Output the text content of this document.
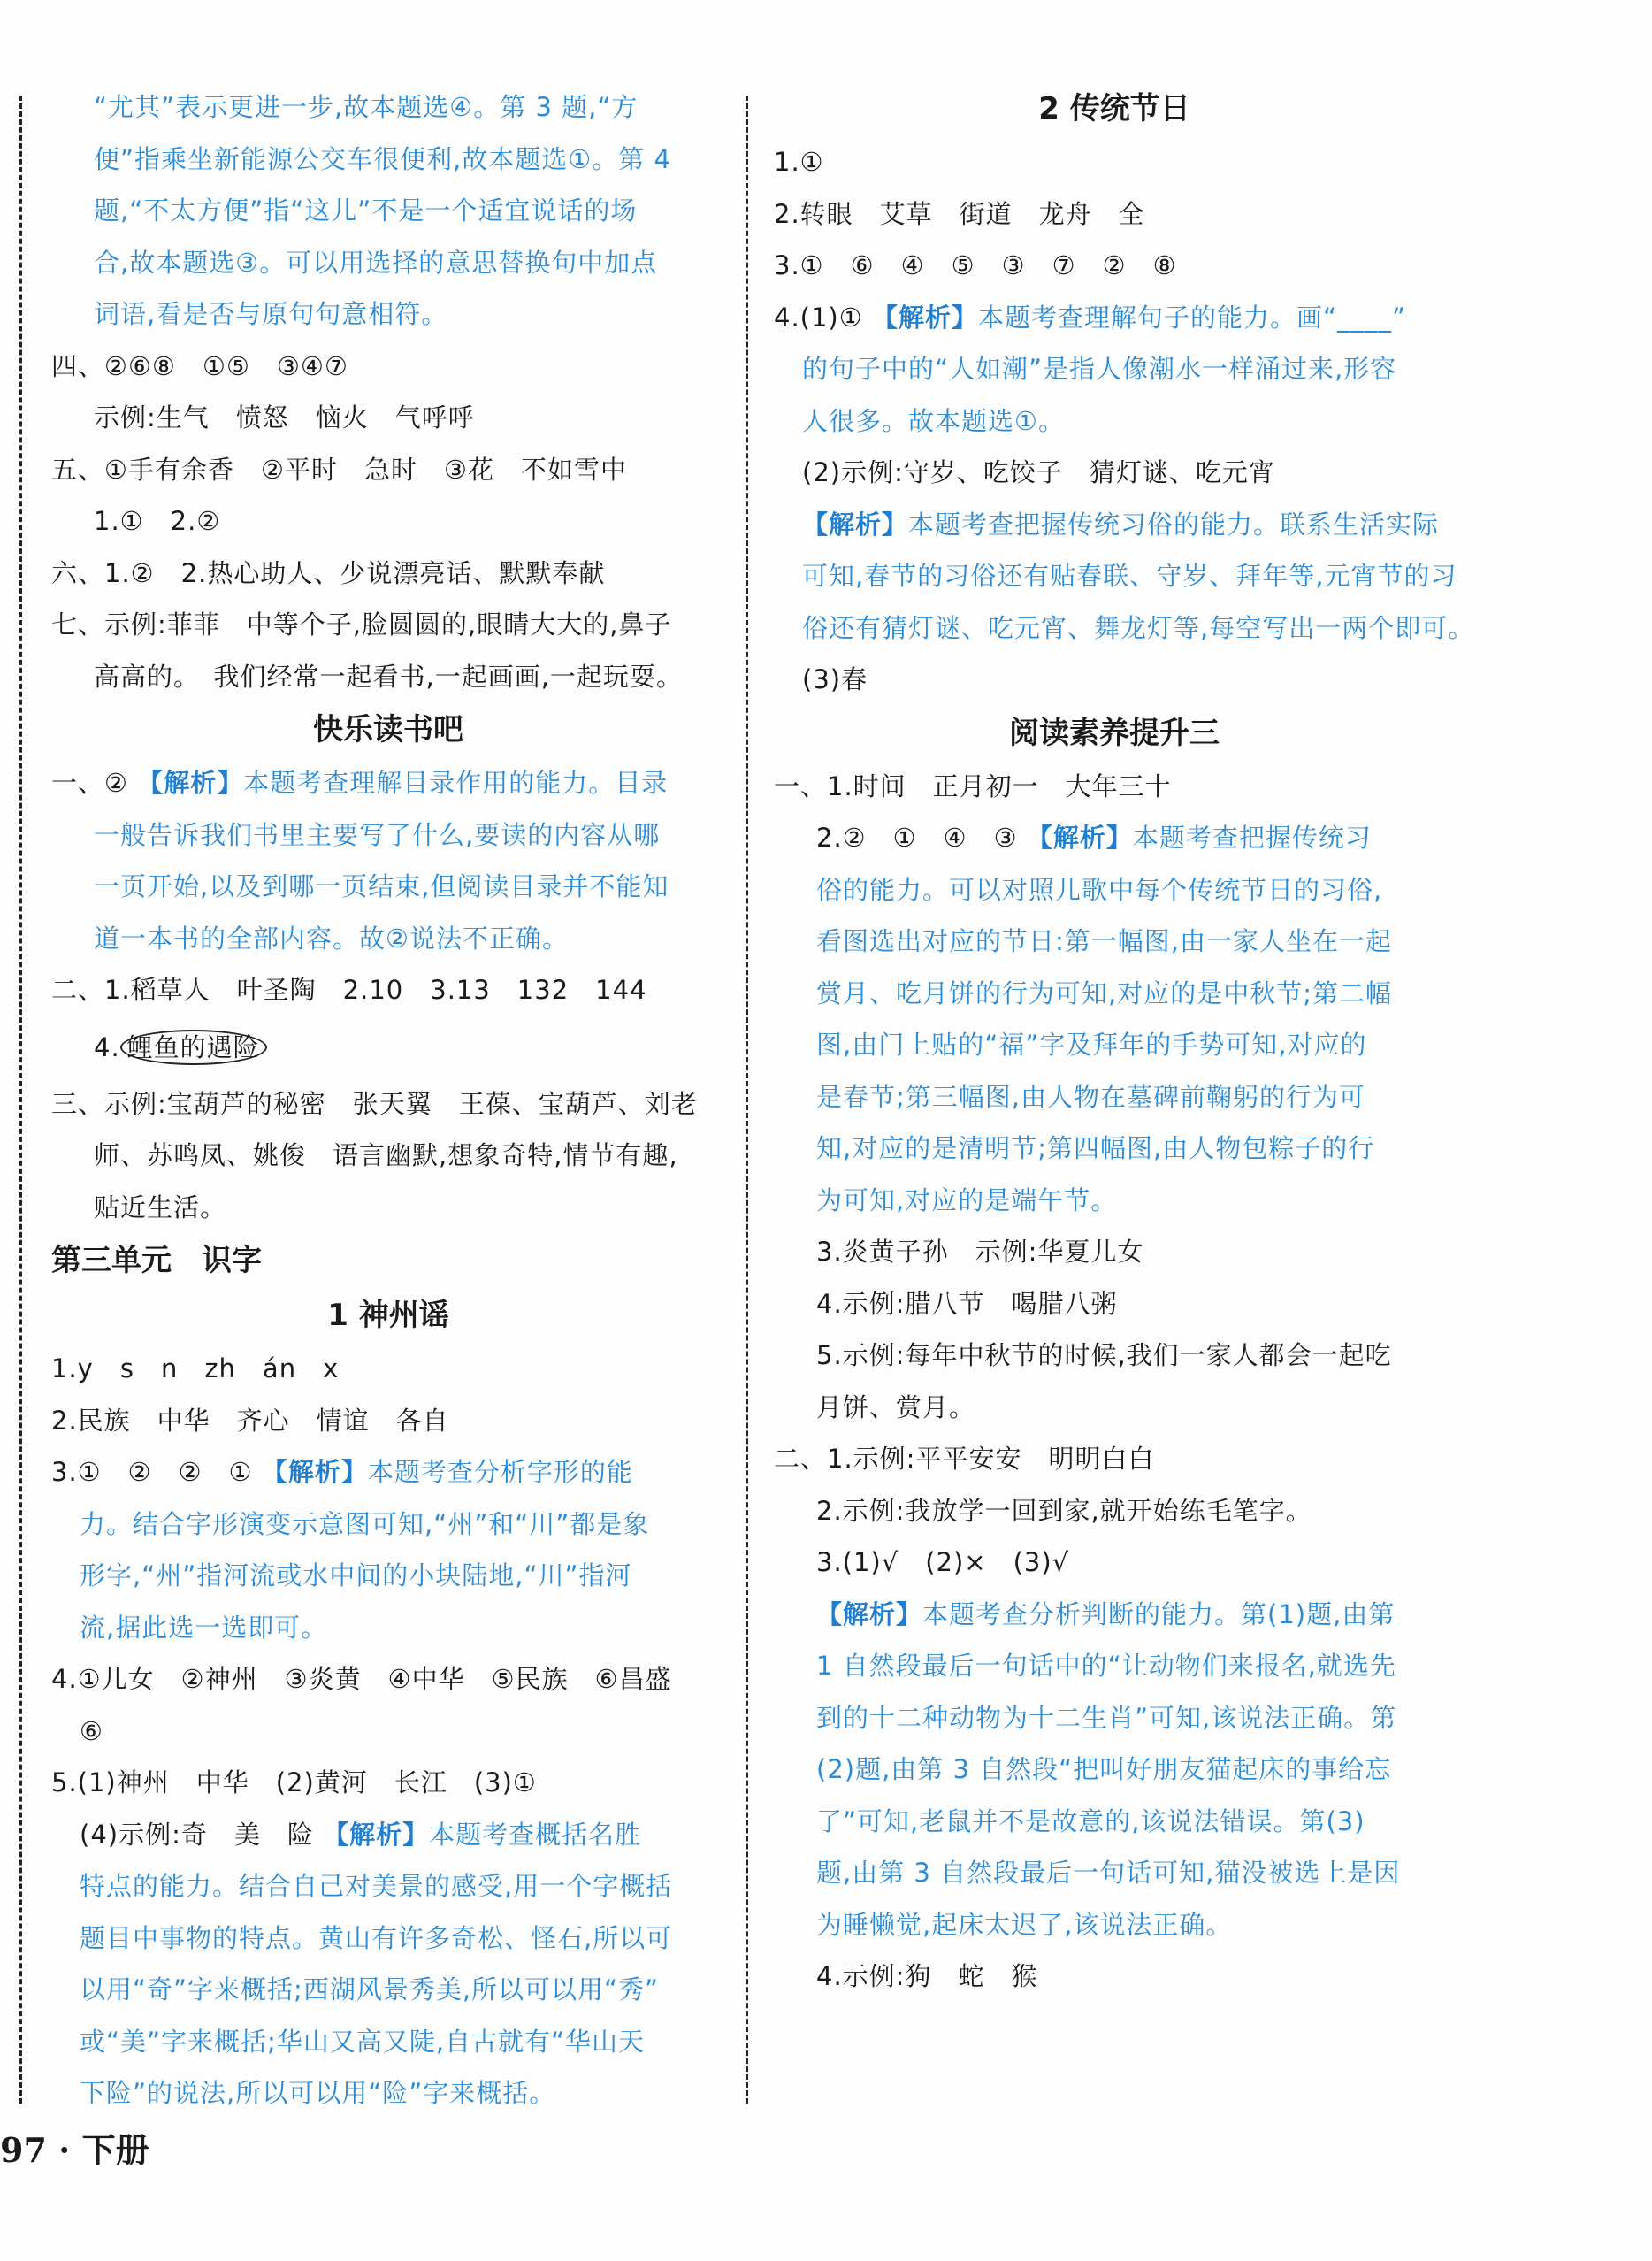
“尤其”表示更进一步,故本题选④。第 3 题,“方
便”指乘坐新能源公交车很便利,故本题选①。第 4
题,“不太方便”指“这儿”不是一个适宜说话的场
合,故本题选③。可以用选择的意思替换句中加点
词语,看是否与原句句意相符。
四、②⑥⑧　①⑤　③④⑦
示例:生气　愤怒　恼火　气呼呼
五、①手有余香　②平时　急时　③花　不如雪中
1.①　2.②
六、1.②　2.热心助人、少说漂亮话、默默奉献
七、示例:菲菲　中等个子,脸圆圆的,眼睛大大的,鼻子
高高的。　我们经常一起看书,一起画画,一起玩耍。
快乐读书吧
一、② 【解析】本题考查理解目录作用的能力。目录
一般告诉我们书里主要写了什么,要读的内容从哪
一页开始,以及到哪一页结束,但阅读目录并不能知
道一本书的全部内容。故②说法不正确。
二、1.稻草人　叶圣陶　2.10　3.13　132　144
4. 鲤鱼的遇险
三、示例:宝葫芦的秘密　张天翼　王葆、宝葫芦、刘老
师、苏鸣凤、姚俊　语言幽默,想象奇特,情节有趣,
贴近生活。
第三单元　识字
1 神州谣
1.y　s　n　zh　án　x
2.民族　中华　齐心　情谊　各自
3.①　②　②　① 【解析】本题考查分析字形的能
力。结合字形演变示意图可知,“州”和“川”都是象
形字,“州”指河流或水中间的小块陆地,“川”指河
流,据此选一选即可。
4.①儿女　②神州　③炎黄　④中华　⑤民族　⑥昌盛
⑥
5.(1)神州　中华　(2)黄河　长江　(3)①
(4)示例:奇　美　险 【解析】本题考查概括名胜
特点的能力。结合自己对美景的感受,用一个字概括
题目中事物的特点。黄山有许多奇松、怪石,所以可
以用“奇”字来概括;西湖风景秀美,所以可以用“秀”
或“美”字来概括;华山又高又陡,自古就有“华山天
下险”的说法,所以可以用“险”字来概括。
2 传统节日
1.①
2.转眼　艾草　街道　龙舟　全
3.①　⑥　④　⑤　③　⑦　②　⑧
4.(1)① 【解析】本题考查理解句子的能力。画“____”
的句子中的“人如潮”是指人像潮水一样涌过来,形容
人很多。故本题选①。
(2)示例:守岁、吃饺子　猜灯谜、吃元宵
【解析】本题考查把握传统习俗的能力。联系生活实际
可知,春节的习俗还有贴春联、守岁、拜年等,元宵节的习
俗还有猜灯谜、吃元宵、舞龙灯等,每空写出一两个即可。
(3)春
阅读素养提升三
一、1.时间　正月初一　大年三十
2.②　①　④　③ 【解析】本题考查把握传统习
俗的能力。可以对照儿歌中每个传统节日的习俗,
看图选出对应的节日:第一幅图,由一家人坐在一起
赏月、吃月饼的行为可知,对应的是中秋节;第二幅
图,由门上贴的“福”字及拜年的手势可知,对应的
是春节;第三幅图,由人物在墓碑前鞠躬的行为可
知,对应的是清明节;第四幅图,由人物包粽子的行
为可知,对应的是端午节。
3.炎黄子孙　示例:华夏儿女
4.示例:腊八节　喝腊八粥
5.示例:每年中秋节的时候,我们一家人都会一起吃
月饼、赏月。
二、1.示例:平平安安　明明白白
2.示例:我放学一回到家,就开始练毛笔字。
3.(1)√　(2)×　(3)√
【解析】本题考查分析判断的能力。第(1)题,由第
1 自然段最后一句话中的“让动物们来报名,就选先
到的十二种动物为十二生肖”可知,该说法正确。第
(2)题,由第 3 自然段“把叫好朋友猫起床的事给忘
了”可知,老鼠并不是故意的,该说法错误。第(3)
题,由第 3 自然段最后一句话可知,猫没被选上是因
为睡懒觉,起床太迟了,该说法正确。
4.示例:狗　蛇　猴
97 · 下册
